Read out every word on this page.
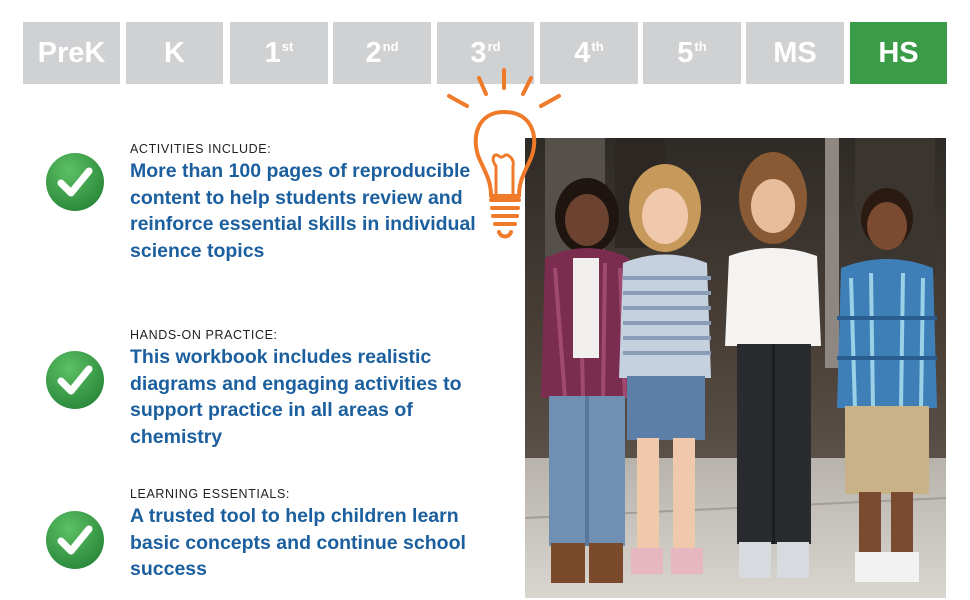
PreK K	1st 2nd 3rd	4th	5th MS HS
ACTIVITIES INCLUDE:

More than 100 pages of reproducible content to help students review and reinforce essential skills in individual science topics

HANDS-ON PRACTICE:

This workbook includes realistic diagrams and engaging activities to support practice in all areas of chemistry

LEARNING ESSENTIALS:

A trusted tool to help children learn basic concepts and continue school success
